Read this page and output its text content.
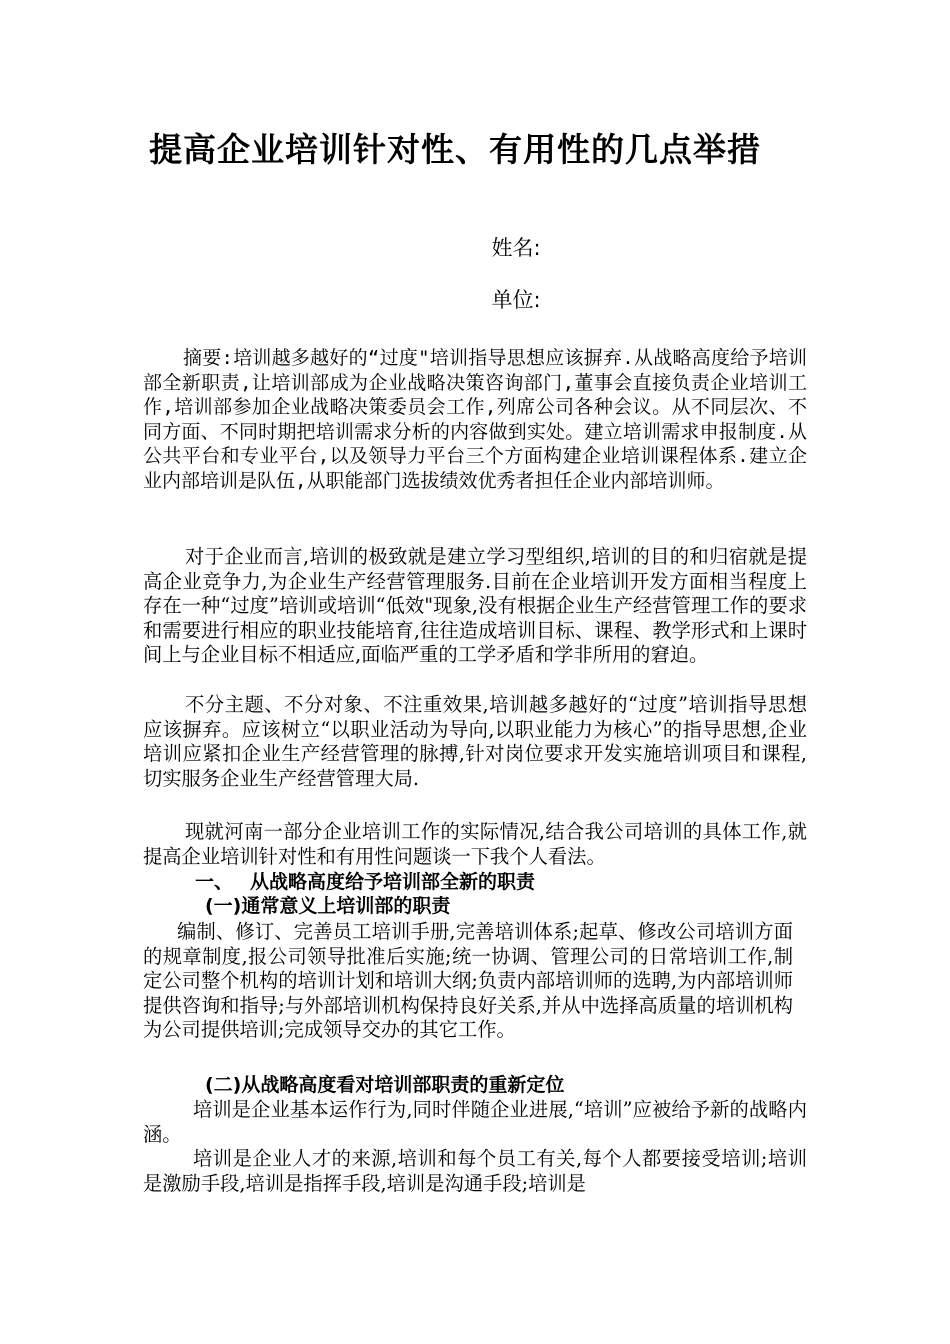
提高企业培训针对性、有用性的几点举措
姓名:
单位:

摘要:培训越多越好的“过度"培训指导思想应该摒弃.从战略高度给予培训部全新职责,让培训部成为企业战略决策咨询部门,董事会直接负责企业培训工作,培训部参加企业战略决策委员会工作,列席公司各种会议。从不同层次、不同方面、不同时期把培训需求分析的内容做到实处。建立培训需求申报制度.从公共平台和专业平台,以及领导力平台三个方面构建企业培训课程体系.建立企业内部培训是队伍,从职能部门选拔绩效优秀者担任企业内部培训师。

对于企业而言,培训的极致就是建立学习型组织,培训的目的和归宿就是提高企业竞争力,为企业生产经营管理服务.目前在企业培训开发方面相当程度上存在一种“过度”培训或培训“低效"现象,没有根据企业生产经营管理工作的要求和需要进行相应的职业技能培育,往往造成培训目标、课程、教学形式和上课时间上与企业目标不相适应,面临严重的工学矛盾和学非所用的窘迫。

不分主题、不分对象、不注重效果,培训越多越好的“过度”培训指导思想应该摒弃。应该树立“以职业活动为导向,以职业能力为核心”的指导思想,企业培训应紧扣企业生产经营管理的脉搏,针对岗位要求开发实施培训项目和课程,切实服务企业生产经营管理大局.

现就河南一部分企业培训工作的实际情况,结合我公司培训的具体工作,就提高企业培训针对性和有用性问题谈一下我个人看法。

一、 从战略高度给予培训部全新的职责
(一)通常意义上培训部的职责

编制、修订、完善员工培训手册,完善培训体系;起草、修改公司培训方面的规章制度,报公司领导批准后实施;统一协调、管理公司的日常培训工作,制定公司整个机构的培训计划和培训大纲;负责内部培训师的选聘,为内部培训师提供咨询和指导;与外部培训机构保持良好关系,并从中选择高质量的培训机构为公司提供培训;完成领导交办的其它工作。

(二)从战略高度看对培训部职责的重新定位

培训是企业基本运作行为,同时伴随企业进展,“培训”应被给予新的战略内涵。

培训是企业人才的来源,培训和每个员工有关,每个人都要接受培训;培训是激励手段,培训是指挥手段,培训是沟通手段;培训是
